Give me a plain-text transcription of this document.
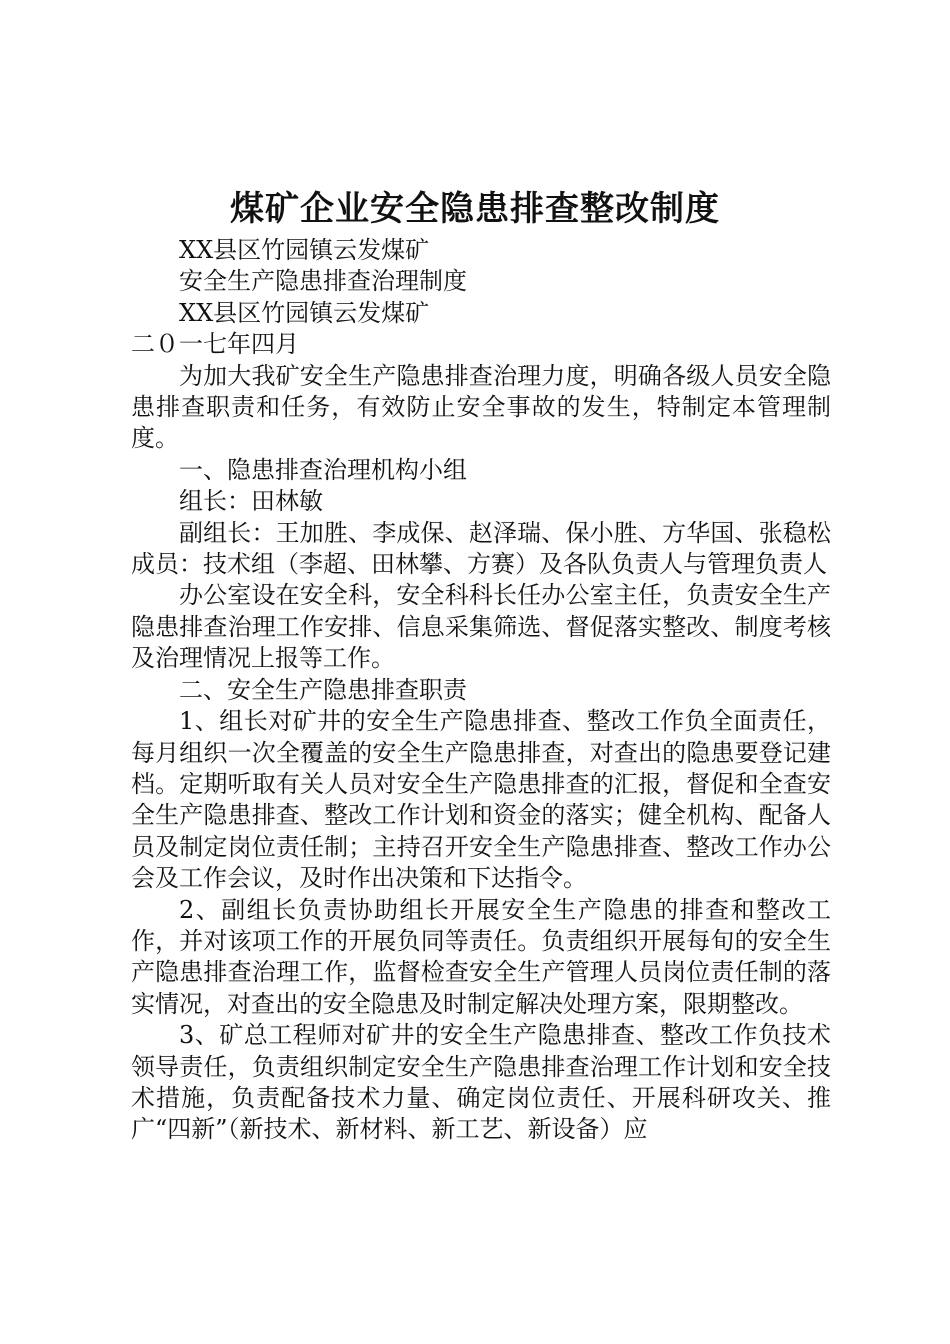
煤矿企业安全隐患排查整改制度

XX县区竹园镇云发煤矿

安全生产隐患排查治理制度

XX县区竹园镇云发煤矿

二０一七年四月

为加大我矿安全生产隐患排查治理力度，明确各级人员安全隐患排查职责和任务，有效防止安全事故的发生，特制定本管理制度。

一、隐患排查治理机构小组

组长：田林敏

副组长：王加胜、李成保、赵泽瑞、保小胜、方华国、张稳松成员：技术组（李超、田林攀、方赛）及各队负责人与管理负责人

办公室设在安全科，安全科科长任办公室主任，负责安全生产隐患排查治理工作安排、信息采集筛选、督促落实整改、制度考核及治理情况上报等工作。

二、安全生产隐患排查职责

1、组长对矿井的安全生产隐患排查、整改工作负全面责任，每月组织一次全覆盖的安全生产隐患排查，对查出的隐患要登记建档。定期听取有关人员对安全生产隐患排查的汇报，督促和全查安全生产隐患排查、整改工作计划和资金的落实；健全机构、配备人员及制定岗位责任制；主持召开安全生产隐患排查、整改工作办公会及工作会议，及时作出决策和下达指令。

2、副组长负责协助组长开展安全生产隐患的排查和整改工作，并对该项工作的开展负同等责任。负责组织开展每旬的安全生产隐患排查治理工作，监督检查安全生产管理人员岗位责任制的落实情况，对查出的安全隐患及时制定解决处理方案，限期整改。

3、矿总工程师对矿井的安全生产隐患排查、整改工作负技术领导责任，负责组织制定安全生产隐患排查治理工作计划和安全技术措施，负责配备技术力量、确定岗位责任、开展科研攻关、推广“四新”（新技术、新材料、新工艺、新设备）应
